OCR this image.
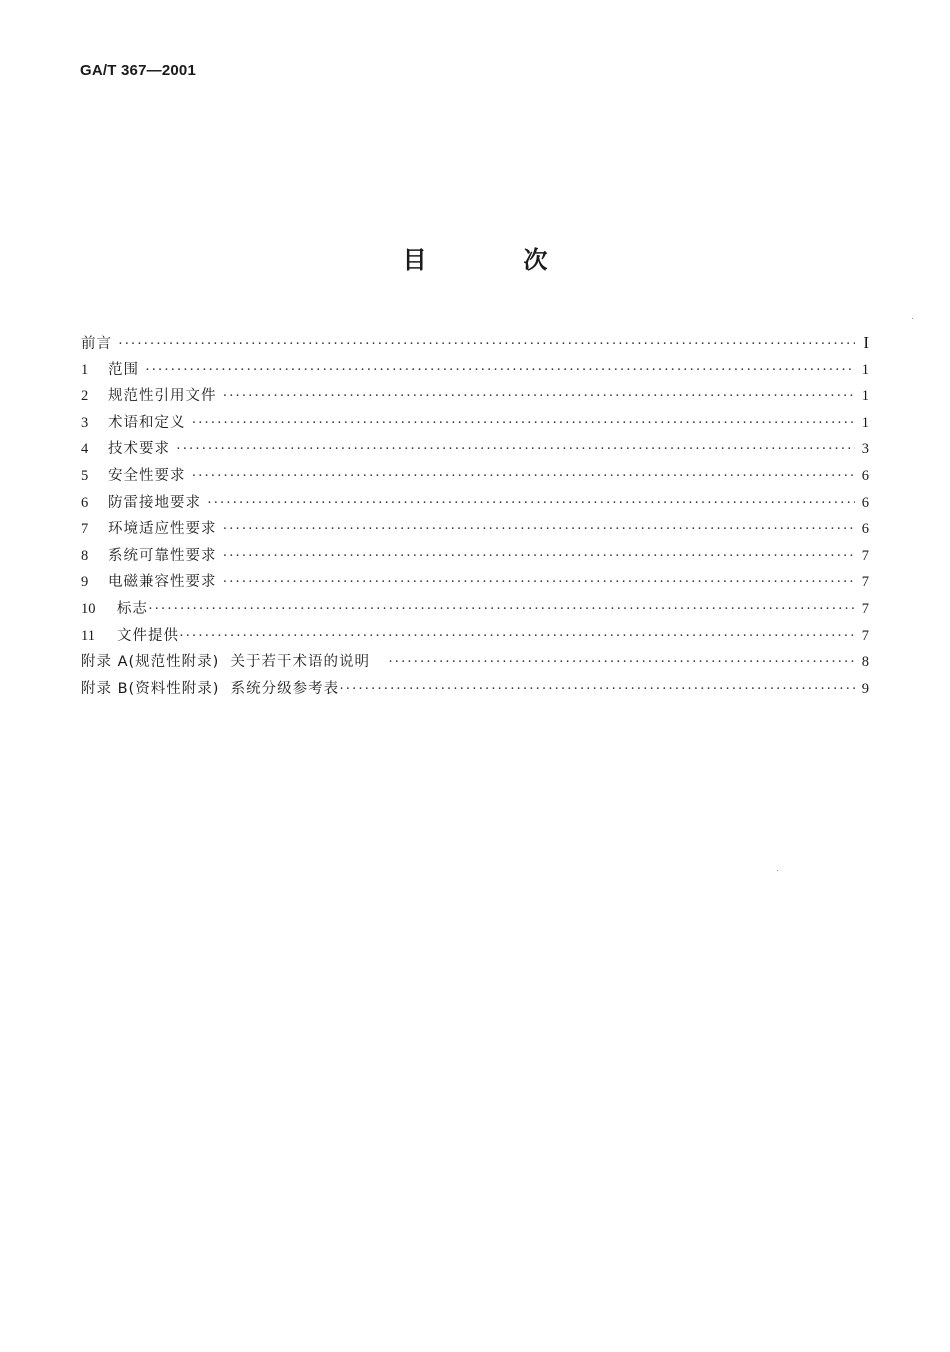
GA/T 367—2001
目  次
前言 ·····	I
1	范围 ·····	1
2	规范性引用文件 ·····	1
3	术语和定义 ·····	1
4	技术要求 ·····	3
5	安全性要求 ·····	6
6	防雷接地要求 ·····	6
7	环境适应性要求 ·····	6
8	系统可靠性要求 ·····	7
9	电磁兼容性要求 ·····	7
10	标志 ·····	7
11	文件提供 ·····	7
附录 A(规范性附录)  关于若干术语的说明 ·····	8
附录 B(资料性附录)  系统分级参考表 ·····	9
